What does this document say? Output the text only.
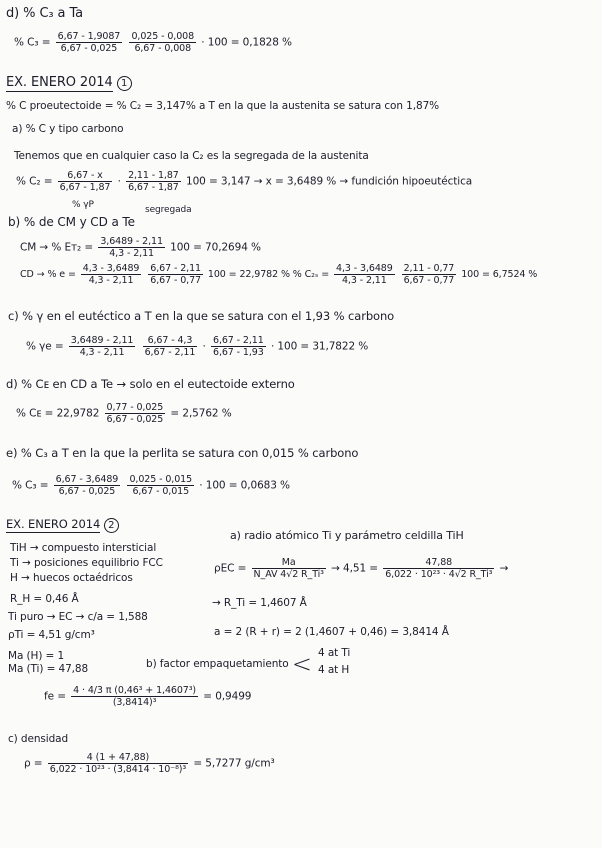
d) % C₃ a Ta
% $C_3 = \frac{6,67 - 1,9087}{6,67 - 0,025}$
$\frac{0,025 - 0,008}{6,67 - 0,008} \cdot 100 = 0,1828$ %
EX. ENERO 2014 1
% C proeutectoide = % C₂ = 3,147% a T en la que la austenita se satura con 1,87%
a) % C y tipo carbono
Tenemos que en cualquier caso la C₂ es la segregada de la austenita
% $C_2 = \frac{6,67 - x}{6,67 - 1,87} \cdot \frac{2,11 - 1,87}{6,67 - 1,87} 100 = 3,147 \to x = 3,6489$ % → fundición hipoeutéctica
% γP	segregada
b) % de CM y CD a Te
CM → % Eᴛ₂ = $\frac{3,6489 - 2,11}{4,3 - 2,11} 100 = 70,2694$ %
CD → % $e = \frac{4,3 - 3,6489}{4,3 - 2,11}$
$\frac{6,67 - 2,11}{6,67 - 0,77} 100 = 22,9782$ % % $C_{2s} = \frac{4,3 - 3,6489}{4,3 - 2,11}$
$\frac{2,11 - 0,77}{6,67 - 0,77} 100 = 6,7524$ %
c) % γ en el eutéctico a T en la que se satura con el 1,93 % carbono
% $\gamma e = \frac{3,6489 - 2,11}{4,3 - 2,11}$
$\frac{6,67 - 4,3}{6,67 - 2,11} \cdot \frac{6,67 - 2,11}{6,67 - 1,93} \cdot 100 = 31,7822$ %
d) % Cᴇ en CD a Te → solo en el eutectoide externo
% Cᴇ = $22,9782 \frac{0,77 - 0,025}{6,67 - 0,025} = 2,5762$ %
e) % C₃ a T en la que la perlita se satura con 0,015 % carbono
% $C_3 = \frac{6,67 - 3,6489}{6,67 - 0,025}$
$\frac{0,025 - 0,015}{6,67 - 0,015} \cdot 100 = 0,0683$ %
EX. ENERO 2014 2
TiH → compuesto intersticial
Ti → posiciones equilibrio FCC
H → huecos octaédricos
R_H = 0,46 Å
Ti puro → EC → c/a = 1,588
ρTi = 4,51 g/cm³
Ma (H) = 1
Ma (Ti) = 47,88
a) radio atómico Ti y parámetro celdilla TiH
$\rho EC = \frac{Ma}{\text{N\_AV 4√2 R\_Ti³}} \to 4,51 = \frac{47,88}{\text{6,022 · 10²³ · 4√2 R\_Ti³}}$ →
→ R_Ti = 1,4607 Å
a = 2 (R + r) = 2 (1,4607 + 0,46) = 3,8414 Å
b) factor empaquetamiento < 4 at Ti
4 at H
fe = $\frac{\text{4 · 4/3 π (0,46³ + 1,4607³)}}{\text{(3,8414)³}} = 0,9499$
c) densidad
$\rho = \frac{4 (1 + 47,88)}{\text{6,022 · 10²³ · (3,8414 · 10⁻⁸)³}} = 5,7277$ g/cm³
